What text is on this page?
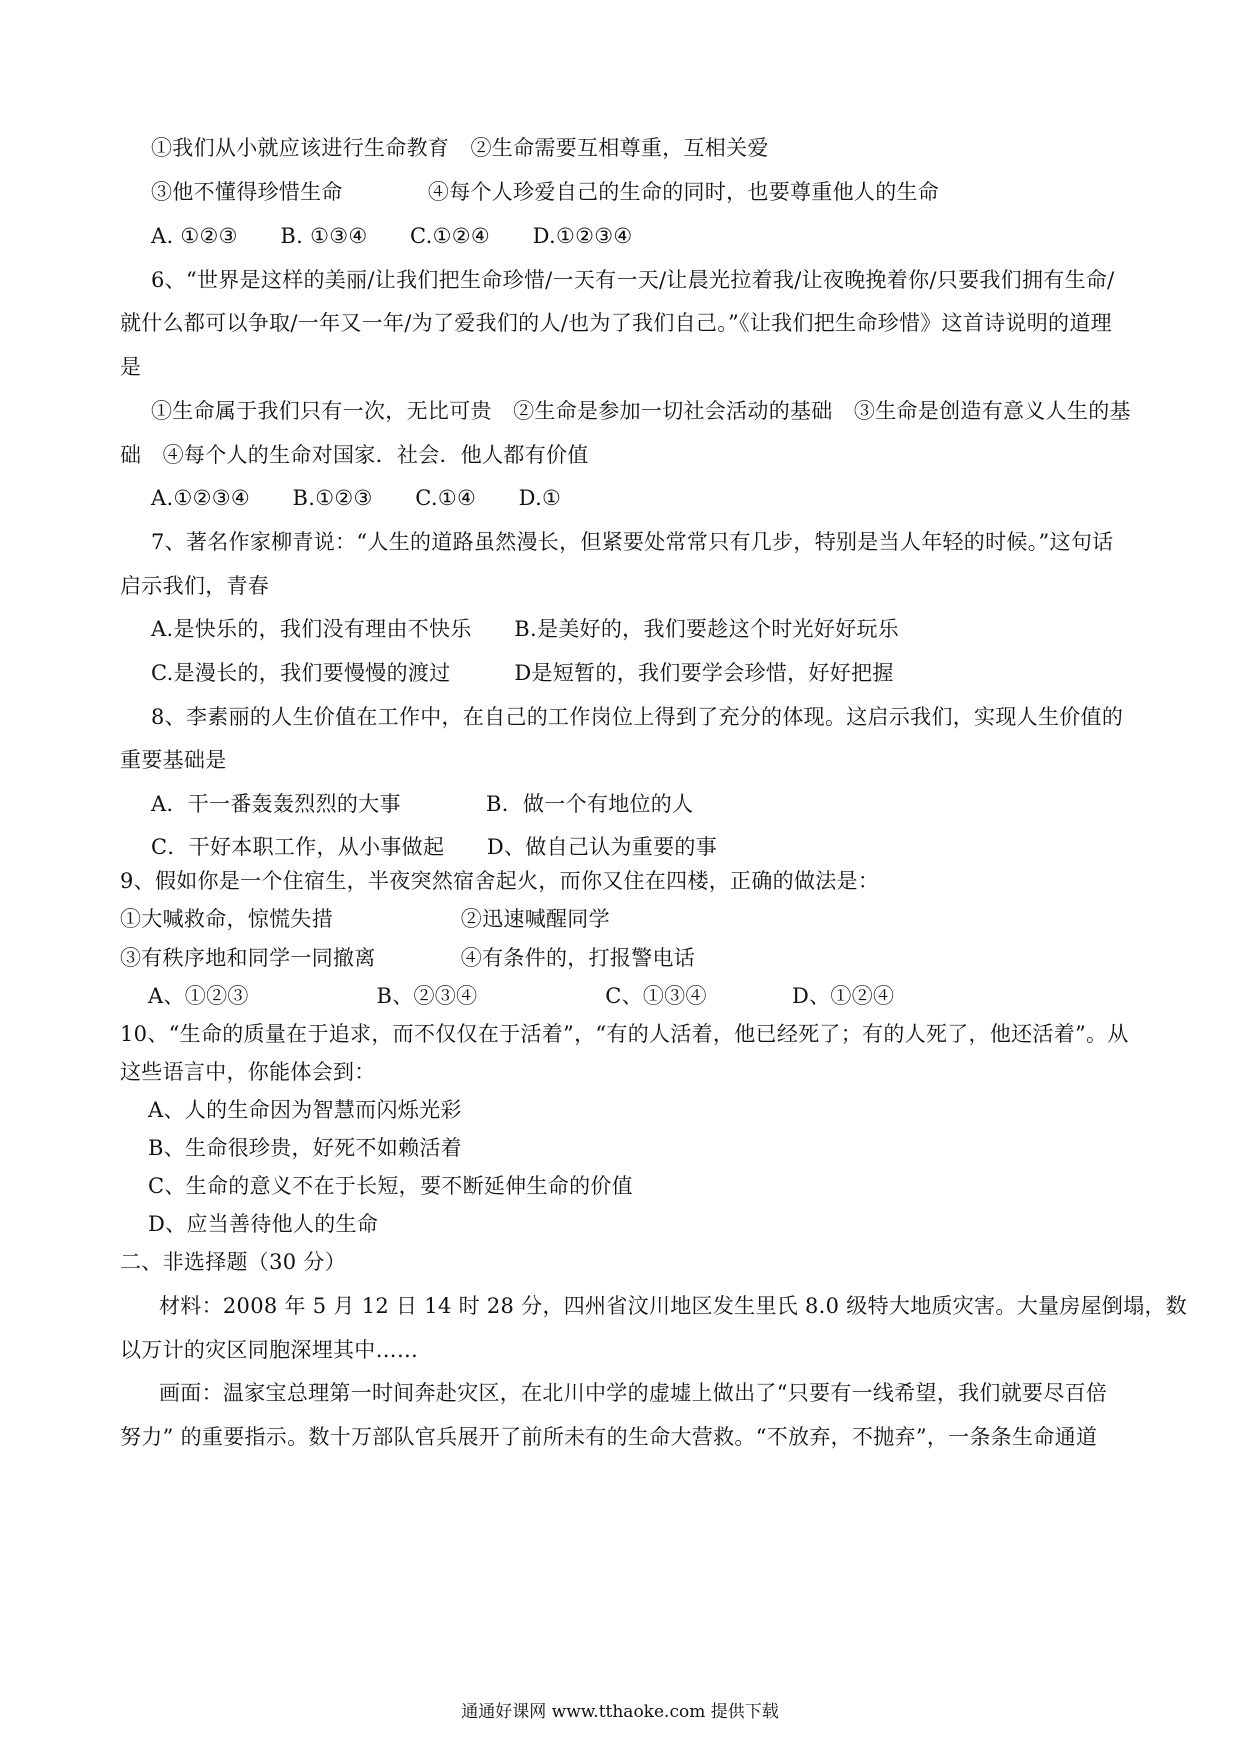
①我们从小就应该进行生命教育　②生命需要互相尊重，互相关爱
③他不懂得珍惜生命　　　　④每个人珍爱自己的生命的同时，也要尊重他人的生命
A. ①②③　　B. ①③④　　C.①②④　　D.①②③④
6、“世界是这样的美丽/让我们把生命珍惜/一天有一天/让晨光拉着我/让夜晚挽着你/只要我们拥有生命/
就什么都可以争取/一年又一年/为了爱我们的人/也为了我们自己。”《让我们把生命珍惜》这首诗说明的道理
是
①生命属于我们只有一次，无比可贵　②生命是参加一切社会活动的基础　③生命是创造有意义人生的基
础　④每个人的生命对国家．社会．他人都有价值
A.①②③④　　B.①②③　　C.①④　　D.①
7、著名作家柳青说：“人生的道路虽然漫长，但紧要处常常只有几步，特别是当人年轻的时候。”这句话
启示我们，青春
A.是快乐的，我们没有理由不快乐　　B.是美好的，我们要趁这个时光好好玩乐
C.是漫长的，我们要慢慢的渡过　　　D是短暂的，我们要学会珍惜，好好把握
8、李素丽的人生价值在工作中，在自己的工作岗位上得到了充分的体现。这启示我们，实现人生价值的
重要基础是
A．干一番轰轰烈烈的大事　　　　B．做一个有地位的人
C．干好本职工作，从小事做起　　D、做自己认为重要的事
9、假如你是一个住宿生，半夜突然宿舍起火，而你又住在四楼，正确的做法是：
①大喊救命，惊慌失措　　　　　　②迅速喊醒同学
③有秩序地和同学一同撤离　　　　④有条件的，打报警电话
A、①②③　　　　　　B、②③④　　　　　　C、①③④　　　　D、①②④
10、“生命的质量在于追求，而不仅仅在于活着”，“有的人活着，他已经死了；有的人死了，他还活着”。从
这些语言中，你能体会到：
A、人的生命因为智慧而闪烁光彩
B、生命很珍贵，好死不如赖活着
C、生命的意义不在于长短，要不断延伸生命的价值
D、应当善待他人的生命
二、非选择题（30 分）
材料：2008 年 5 月 12 日 14 时 28 分，四州省汶川地区发生里氏 8.0 级特大地质灾害。大量房屋倒塌，数
以万计的灾区同胞深埋其中……
画面：温家宝总理第一时间奔赴灾区，在北川中学的虚墟上做出了“只要有一线希望，我们就要尽百倍
努力” 的重要指示。数十万部队官兵展开了前所未有的生命大营救。“不放弃，不抛弃”，一条条生命通道
通通好课网 www.tthaoke.com 提供下载
